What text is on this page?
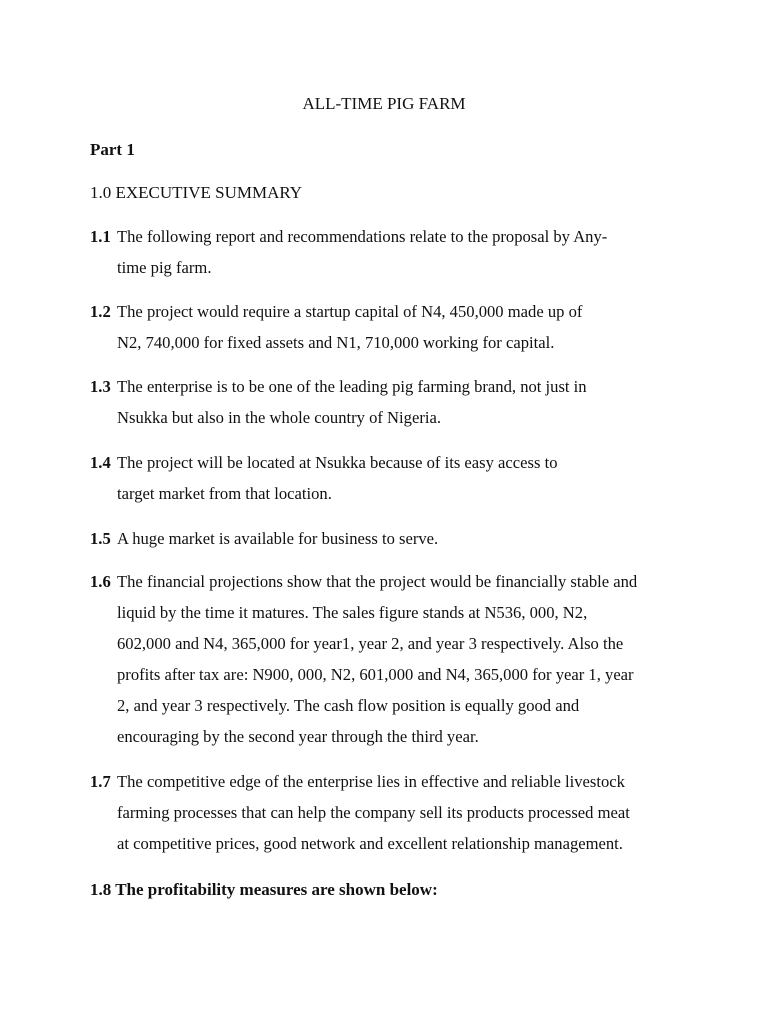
ALL-TIME PIG FARM
Part 1
1.0 EXECUTIVE SUMMARY
1.1 The following report and recommendations relate to the proposal by Any-
time pig farm.
1.2 The project would require a startup capital of N4, 450,000 made up of
N2, 740,000 for fixed assets and N1, 710,000 working for capital.
1.3 The enterprise is to be one of the leading pig farming brand, not just in
Nsukka but also in the whole country of Nigeria.
1.4 The project will be located at Nsukka because of its easy access to
target market from that location.
1.5 A huge market is available for business to serve.
1.6 The financial projections show that the project would be financially stable and
liquid by the time it matures. The sales figure stands at N536, 000, N2,
602,000 and N4, 365,000 for year1, year 2, and year 3 respectively. Also the
profits after tax are: N900, 000, N2, 601,000 and N4, 365,000 for year 1, year
2, and year 3 respectively. The cash flow position is equally good and
encouraging by the second year through the third year.
1.7 The competitive edge of the enterprise lies in effective and reliable livestock
farming processes that can help the company sell its products processed meat
at competitive prices, good network and excellent relationship management.
1.8 The profitability measures are shown below:
